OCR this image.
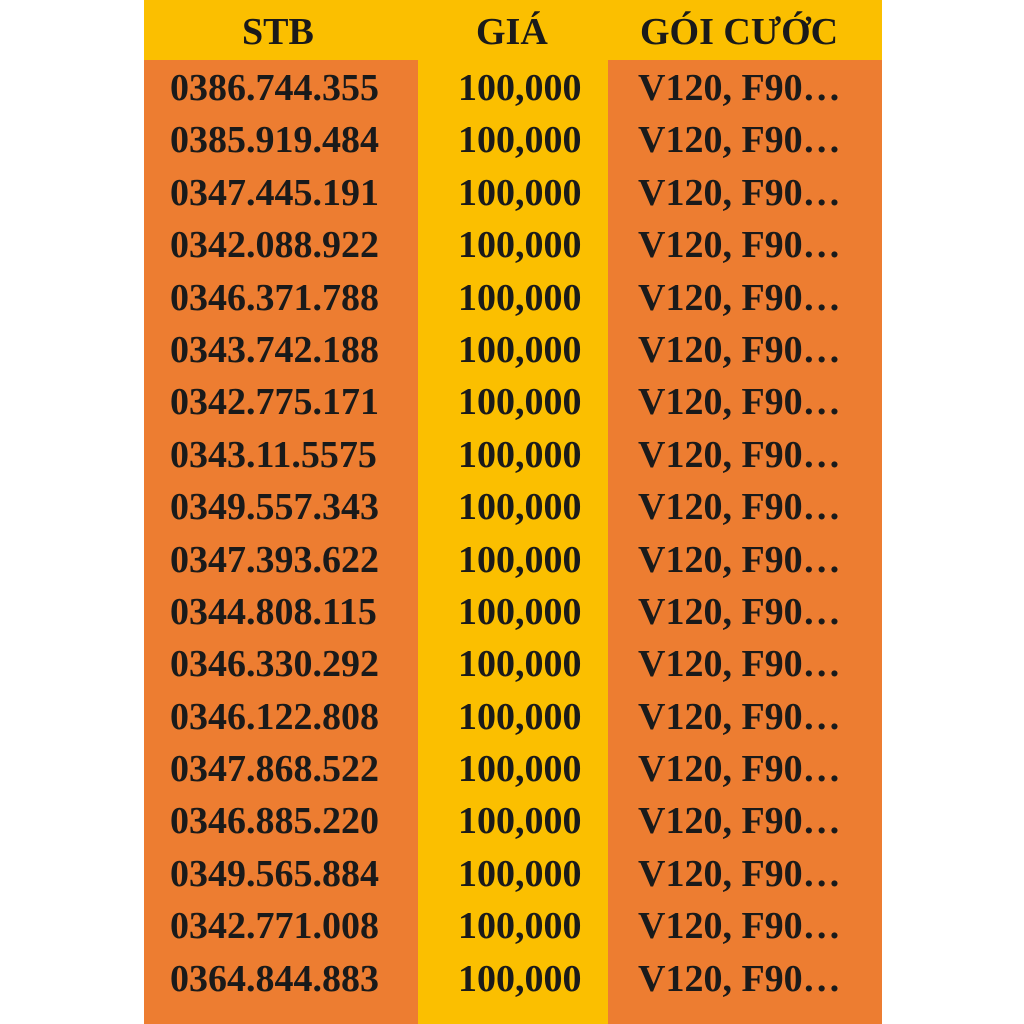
STB	GIÁ GÓI CƯỚC
0386.744.355 100,000 V120, F90…
0385.919.484 100,000 V120, F90…
0347.445.191 100,000 V120, F90…
0342.088.922 100,000 V120, F90…
0346.371.788 100,000 V120, F90…
0343.742.188 100,000 V120, F90…
0342.775.171 100,000 V120, F90…
0343.11.5575 100,000 V120, F90…
0349.557.343 100,000 V120, F90…
0347.393.622 100,000 V120, F90…
0344.808.115 100,000 V120, F90…
0346.330.292 100,000 V120, F90…
0346.122.808 100,000 V120, F90…
0347.868.522 100,000 V120, F90…
0346.885.220 100,000 V120, F90…
0349.565.884 100,000 V120, F90…
0342.771.008 100,000 V120, F90…
0364.844.883 100,000 V120, F90…
